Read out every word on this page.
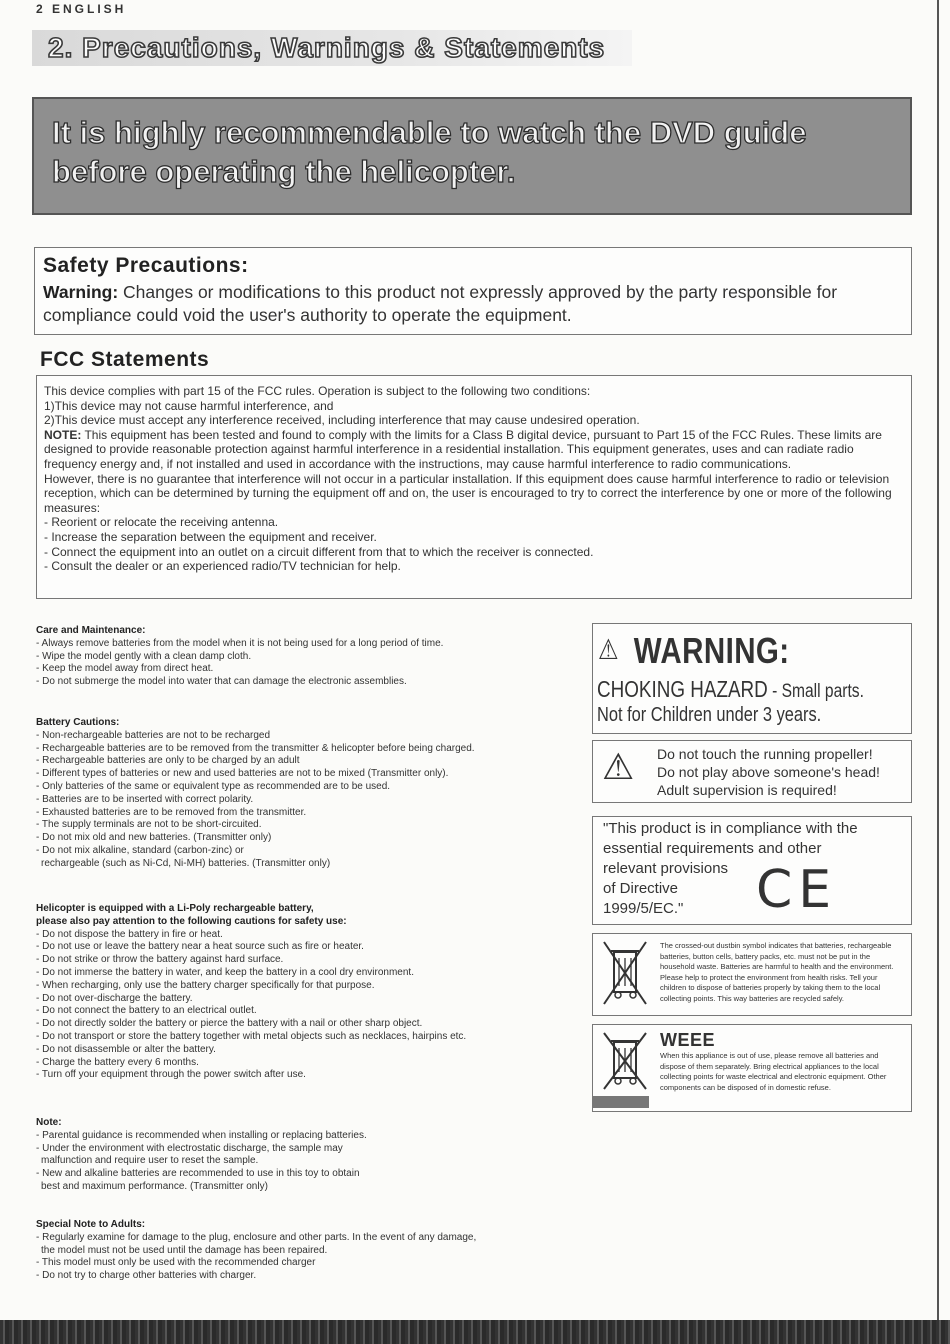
2 ENGLISH
2. Precautions, Warnings & Statements
It is highly recommendable to watch the DVD guide
before operating the helicopter.
Safety Precautions:
Warning: Changes or modifications to this product not expressly approved by the party responsible for compliance could void the user's authority to operate the equipment.
FCC Statements
This device complies with part 15 of the FCC rules. Operation is subject to the following two conditions:
1)This device may not cause harmful interference, and
2)This device must accept any interference received, including interference that may cause undesired operation.
NOTE: This equipment has been tested and found to comply with the limits for a Class B digital device, pursuant to Part 15 of the FCC Rules. These limits are designed to provide reasonable protection against harmful interference in a residential installation. This equipment generates, uses and can radiate radio frequency energy and, if not installed and used in accordance with the instructions, may cause harmful interference to radio communications.
However, there is no guarantee that interference will not occur in a particular installation. If this equipment does cause harmful interference to radio or television reception, which can be determined by turning the equipment off and on, the user is encouraged to try to correct the interference by one or more of the following measures:
- Reorient or relocate the receiving antenna.
- Increase the separation between the equipment and receiver.
- Connect the equipment into an outlet on a circuit different from that to which the receiver is connected.
- Consult the dealer or an experienced radio/TV technician for help.
Care and Maintenance:
- Always remove batteries from the model when it is not being used for a long period of time.
- Wipe the model gently with a clean damp cloth.
- Keep the model away from direct heat.
- Do not submerge the model into water that can damage the electronic assemblies.
Battery Cautions:
- Non-rechargeable batteries are not to be recharged
- Rechargeable batteries are to be removed from the transmitter & helicopter before being charged.
- Rechargeable batteries are only to be charged by an adult
- Different types of batteries or new and used batteries are not to be mixed (Transmitter only).
- Only batteries of the same or equivalent type as recommended are to be used.
- Batteries are to be inserted with correct polarity.
- Exhausted batteries are to be removed from the transmitter.
- The supply terminals are not to be short-circuited.
- Do not mix old and new batteries. (Transmitter only)
- Do not mix alkaline, standard (carbon-zinc) or
rechargeable (such as Ni-Cd, Ni-MH) batteries. (Transmitter only)
Helicopter is equipped with a Li-Poly rechargeable battery,
please also pay attention to the following cautions for safety use:
- Do not dispose the battery in fire or heat.
- Do not use or leave the battery near a heat source such as fire or heater.
- Do not strike or throw the battery against hard surface.
- Do not immerse the battery in water, and keep the battery in a cool dry environment.
- When recharging, only use the battery charger specifically for that purpose.
- Do not over-discharge the battery.
- Do not connect the battery to an electrical outlet.
- Do not directly solder the battery or pierce the battery with a nail or other sharp object.
- Do not transport or store the battery together with metal objects such as necklaces, hairpins etc.
- Do not disassemble or alter the battery.
- Charge the battery every 6 months.
- Turn off your equipment through the power switch after use.
Note:
- Parental guidance is recommended when installing or replacing batteries.
- Under the environment with electrostatic discharge, the sample may
malfunction and require user to reset the sample.
- New and alkaline batteries are recommended to use in this toy to obtain
best and maximum performance. (Transmitter only)
Special Note to Adults:
- Regularly examine for damage to the plug, enclosure and other parts. In the event of any damage,
the model must not be used until the damage has been repaired.
- This model must only be used with the recommended charger
- Do not try to charge other batteries with charger.
⚠ WARNING:
CHOKING HAZARD - Small parts.
Not for Children under 3 years.
⚠ Do not touch the running propeller!
Do not play above someone's head!
Adult supervision is required!
"This product is in compliance with the
essential requirements and other
relevant provisions
of Directive
1999/5/EC."	CE
The crossed-out dustbin symbol indicates that batteries, rechargeable batteries, button cells, battery packs, etc. must not be put in the household waste. Batteries are harmful to health and the environment. Please help to protect the environment from health risks. Tell your children to dispose of batteries properly by taking them to the local collecting points. This way batteries are recycled safely.
WEEE
When this appliance is out of use, please remove all batteries and dispose of them separately. Bring electrical appliances to the local collecting points for waste electrical and electronic equipment. Other components can be disposed of in domestic refuse.
